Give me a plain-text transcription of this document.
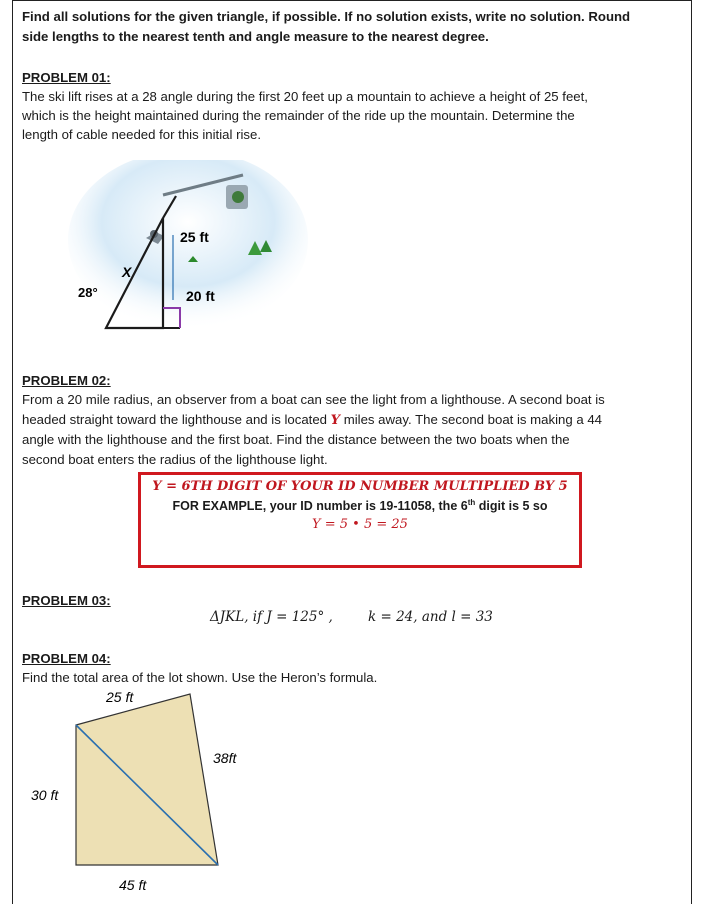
Find all solutions for the given triangle, if possible. If no solution exists, write no solution. Round
side lengths to the nearest tenth and angle measure to the nearest degree.
PROBLEM 01:
The ski lift rises at a 28 angle during the first 20 feet up a mountain to achieve a height of 25 feet,
which is the height maintained during the remainder of the ride up the mountain. Determine the
length of cable needed for this initial rise.
28°
X
25 ft
20 ft
PROBLEM 02:
From a 20 mile radius, an observer from a boat can see the light from a lighthouse. A second boat is
headed straight toward the lighthouse and is located Y miles away. The second boat is making a 44
angle with the lighthouse and the first boat. Find the distance between the two boats when the
second boat enters the radius of the lighthouse light.
Y = 6TH DIGIT OF YOUR ID NUMBER MULTIPLIED BY 5
FOR EXAMPLE, your ID number is 19-11058, the 6th digit is 5 so
Y = 5 • 5 = 25
PROBLEM 03:
ΔJKL, if J = 125° ,	k = 24, and l = 33
PROBLEM 04:
Find the total area of the lot shown. Use the Heron’s formula.
25 ft
38ft
30 ft
45 ft
